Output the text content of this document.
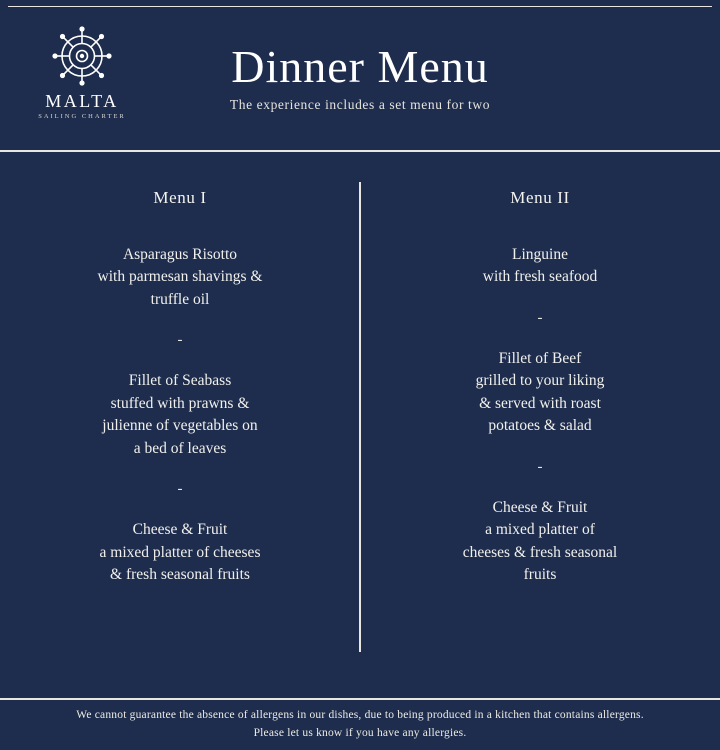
MALTA
SAILING CHARTER
Dinner Menu

The experience includes a set menu for two

Menu I

Asparagus Risotto
with parmesan shavings &
truffle oil

-

Fillet of Seabass
stuffed with prawns &
julienne of vegetables on
a bed of leaves

-

Cheese & Fruit
a mixed platter of cheeses
& fresh seasonal fruits

Menu II

Linguine
with fresh seafood

-

Fillet of Beef
grilled to your liking
& served with roast
potatoes & salad

-

Cheese & Fruit
a mixed platter of
cheeses & fresh seasonal
fruits

We cannot guarantee the absence of allergens in our dishes, due to being produced in a kitchen that contains allergens.
Please let us know if you have any allergies.
